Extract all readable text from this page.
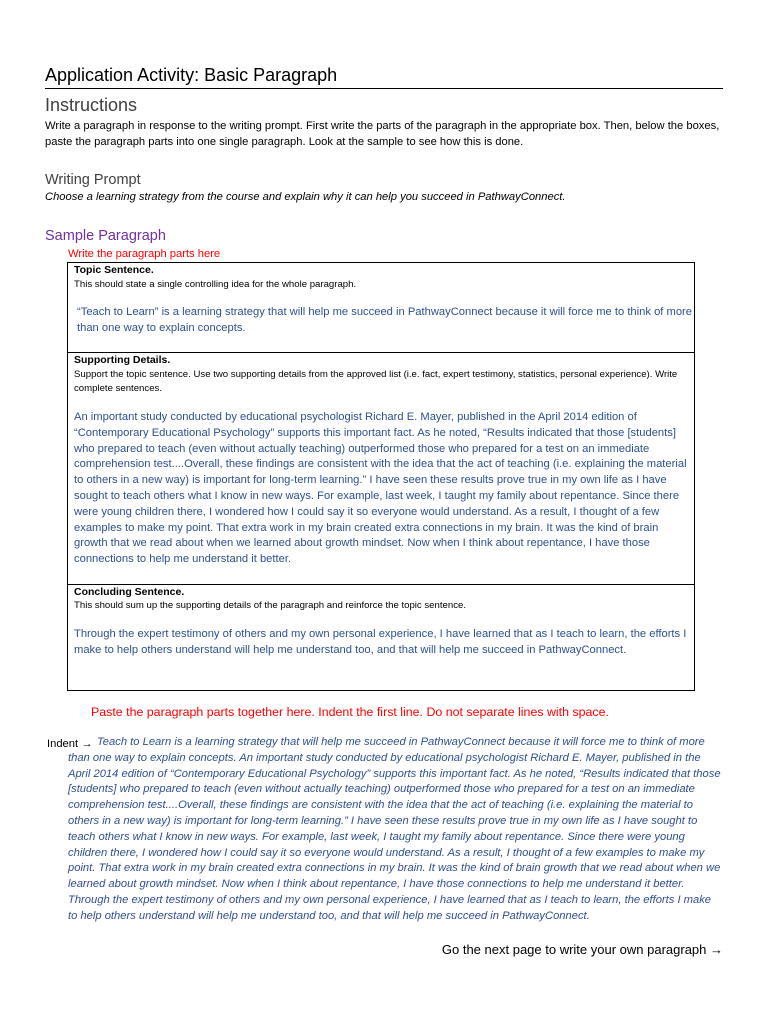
Application Activity: Basic Paragraph
Instructions
Write a paragraph in response to the writing prompt. First write the parts of the paragraph in the appropriate box. Then, below the boxes, paste the paragraph parts into one single paragraph. Look at the sample to see how this is done.
Writing Prompt
Choose a learning strategy from the course and explain why it can help you succeed in PathwayConnect.
Sample Paragraph
Write the paragraph parts here
Topic Sentence.
This should state a single controlling idea for the whole paragraph.
“Teach to Learn” is a learning strategy that will help me succeed in PathwayConnect because it will force me to think of more than one way to explain concepts.
Supporting Details.
Support the topic sentence. Use two supporting details from the approved list (i.e. fact, expert testimony, statistics, personal experience). Write complete sentences.
An important study conducted by educational psychologist Richard E. Mayer, published in the April 2014 edition of “Contemporary Educational Psychology” supports this important fact. As he noted, “Results indicated that those [students] who prepared to teach (even without actually teaching) outperformed those who prepared for a test on an immediate comprehension test....Overall, these findings are consistent with the idea that the act of teaching (i.e. explaining the material to others in a new way) is important for long-term learning.” I have seen these results prove true in my own life as I have sought to teach others what I know in new ways. For example, last week, I taught my family about repentance. Since there were young children there, I wondered how I could say it so everyone would understand. As a result, I thought of a few examples to make my point. That extra work in my brain created extra connections in my brain. It was the kind of brain growth that we read about when we learned about growth mindset. Now when I think about repentance, I have those connections to help me understand it better.
Concluding Sentence.
This should sum up the supporting details of the paragraph and reinforce the topic sentence.
Through the expert testimony of others and my own personal experience, I have learned that as I teach to learn, the efforts I make to help others understand will help me understand too, and that will help me succeed in PathwayConnect.
Paste the paragraph parts together here. Indent the first line. Do not separate lines with space.
Indent → Teach to Learn is a learning strategy that will help me succeed in PathwayConnect because it will force me to think of more than one way to explain concepts. An important study conducted by educational psychologist Richard E. Mayer, published in the April 2014 edition of “Contemporary Educational Psychology” supports this important fact. As he noted, “Results indicated that those [students] who prepared to teach (even without actually teaching) outperformed those who prepared for a test on an immediate comprehension test....Overall, these findings are consistent with the idea that the act of teaching (i.e. explaining the material to others in a new way) is important for long-term learning.” I have seen these results prove true in my own life as I have sought to teach others what I know in new ways. For example, last week, I taught my family about repentance. Since there were young children there, I wondered how I could say it so everyone would understand. As a result, I thought of a few examples to make my point. That extra work in my brain created extra connections in my brain. It was the kind of brain growth that we read about when we learned about growth mindset. Now when I think about repentance, I have those connections to help me understand it better. Through the expert testimony of others and my own personal experience, I have learned that as I teach to learn, the efforts I make to help others understand will help me understand too, and that will help me succeed in PathwayConnect.
Go the next page to write your own paragraph →
